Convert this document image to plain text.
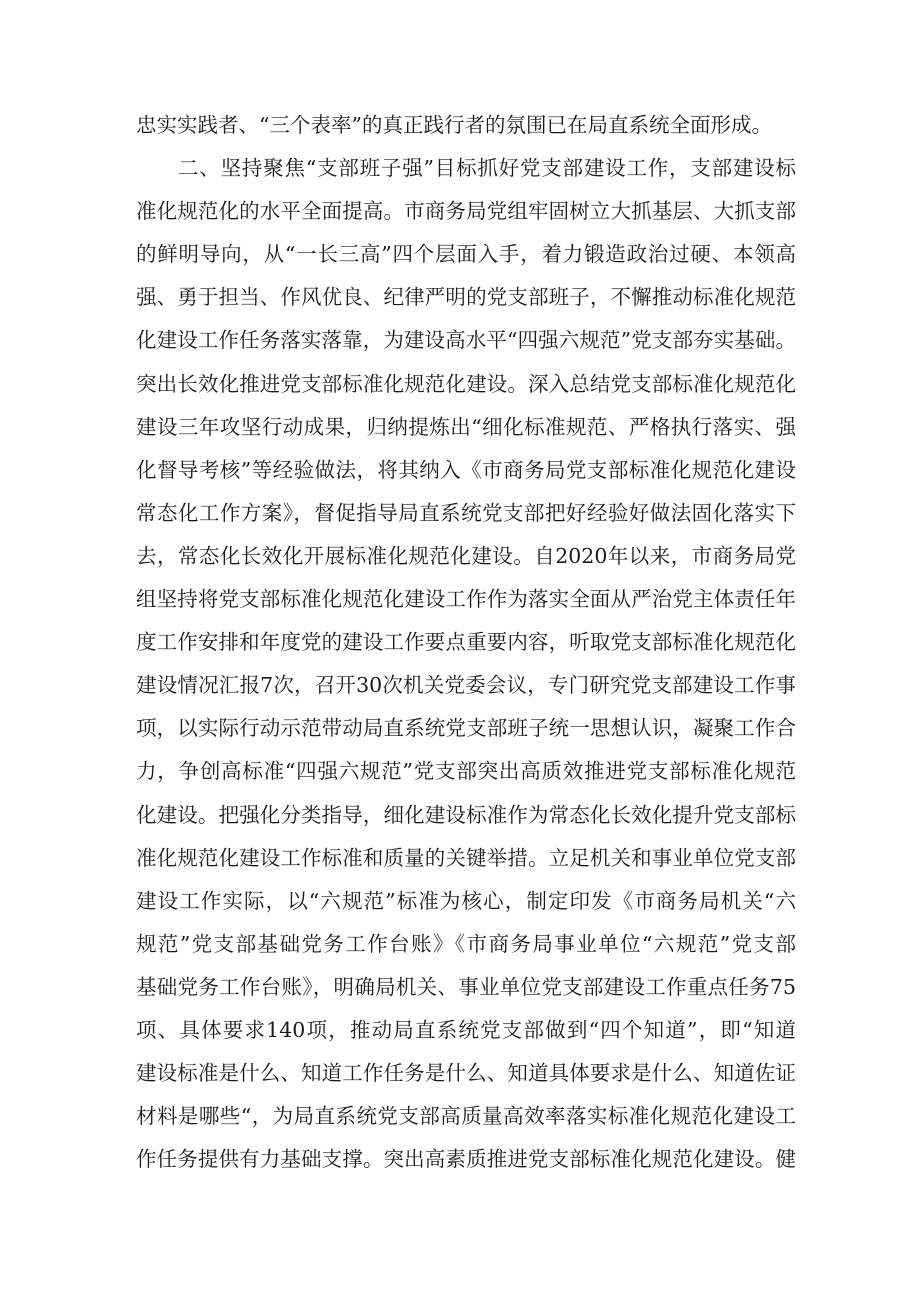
忠实实践者、“三个表率”的真正践行者的氛围已在局直系统全面形成。
二、坚持聚焦“支部班子强”目标抓好党支部建设工作，支部建设标
准化规范化的水平全面提高。市商务局党组牢固树立大抓基层、大抓支部
的鲜明导向，从“一长三高”四个层面入手，着力锻造政治过硬、本领高
强、勇于担当、作风优良、纪律严明的党支部班子，不懈推动标准化规范
化建设工作任务落实落靠，为建设高水平“四强六规范”党支部夯实基础。
突出长效化推进党支部标准化规范化建设。深入总结党支部标准化规范化
建设三年攻坚行动成果，归纳提炼出“细化标准规范、严格执行落实、强
化督导考核”等经验做法，将其纳入《市商务局党支部标准化规范化建设
常态化工作方案》，督促指导局直系统党支部把好经验好做法固化落实下
去，常态化长效化开展标准化规范化建设。自2020年以来，市商务局党
组坚持将党支部标准化规范化建设工作作为落实全面从严治党主体责任年
度工作安排和年度党的建设工作要点重要内容，听取党支部标准化规范化
建设情况汇报7次，召开30次机关党委会议，专门研究党支部建设工作事
项，以实际行动示范带动局直系统党支部班子统一思想认识，凝聚工作合
力，争创高标准“四强六规范”党支部突出高质效推进党支部标准化规范
化建设。把强化分类指导，细化建设标准作为常态化长效化提升党支部标
准化规范化建设工作标准和质量的关键举措。立足机关和事业单位党支部
建设工作实际，以“六规范”标准为核心，制定印发《市商务局机关“六
规范”党支部基础党务工作台账》《市商务局事业单位“六规范”党支部
基础党务工作台账》，明确局机关、事业单位党支部建设工作重点任务75
项、具体要求140项，推动局直系统党支部做到“四个知道”，即“知道
建设标准是什么、知道工作任务是什么、知道具体要求是什么、知道佐证
材料是哪些“，为局直系统党支部高质量高效率落实标准化规范化建设工
作任务提供有力基础支撑。突出高素质推进党支部标准化规范化建设。健
